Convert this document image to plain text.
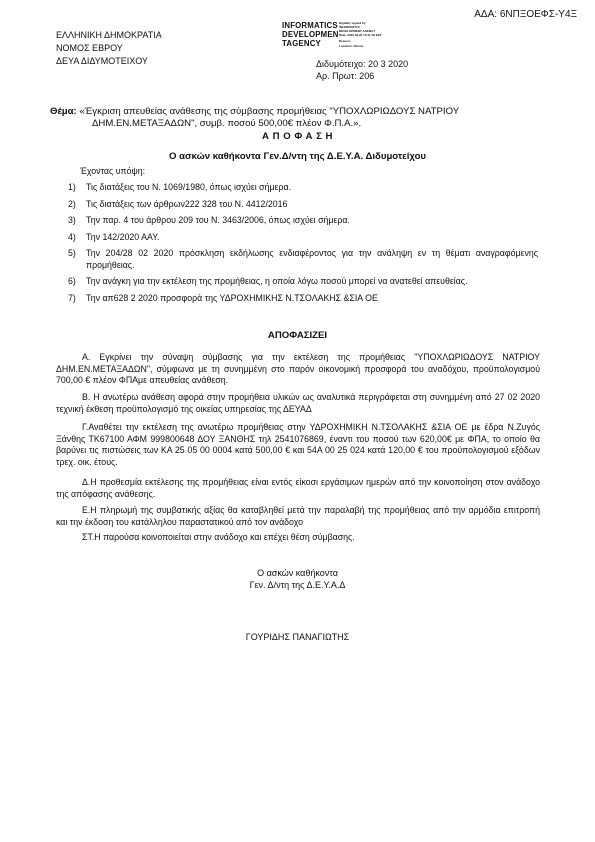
ΑΔΑ: 6ΝΠΞΟΕΦΣ-Υ4Ξ
ΕΛΛΗΝΙΚΗ ΔΗΜΟΚΡΑΤΙΑ
ΝΟΜΟΣ ΕΒΡΟΥ
ΔΕΥΑ ΔΙΔΥΜΟΤΕΙΧΟΥ
INFORMATICS
DEVELOPMEN
TAGENCY
Digitally signed by
INFORMATICS
DEVELOPMENT AGENCY
Date: 2020.03.20 13:11:46 EET
Reason:
Location: Athens
Διδυμότειχο: 20 3 2020
Αρ. Πρωτ: 206
Θέμα: «Έγκριση απευθείας ανάθεσης της σύμβασης προμήθειας "ΥΠΟΧΛΩΡΙΩΔΟΥΣ ΝΑΤΡΙΟΥ
ΔΗΜ.ΕΝ.ΜΕΤΑΞΑΔΩΝ", συμβ. ποσού 500,00€ πλέον Φ.Π.Α.».
Α Π Ο Φ Α Σ Η
Ο ασκών καθήκοντα Γεν.Δ/ντη της Δ.Ε.Υ.Α. Διδυμοτείχου
Έχοντας υπόψη:
1) Τις διατάξεις του Ν. 1069/1980, όπως ισχύει σήμερα.
2) Τις διατάξεις των άρθρων222 328 του Ν. 4412/2016
3) Την παρ. 4 του άρθρου 209 του Ν. 3463/2006, όπως ισχύει σήμερα.
4) Την 142/2020 ΑΑΥ.
5) Την 204/28 02 2020 πρόσκληση εκδήλωσης ενδιαφέροντος για την ανάληψη εν τη θέματι αναγραφόμενης προμήθειας.
6) Την ανάγκη για την εκτέλεση της προμήθειας, η οποία λόγω ποσού μπορεί να ανατεθεί απευθείας.
7) Την απ628 2 2020 προσφορά της ΥΔΡΟΧΗΜΙΚΗΣ Ν.ΤΣΟΛΑΚΗΣ &ΣΙΑ ΟΕ
ΑΠΟΦΑΣΙΖΕΙ
Α. Εγκρίνει την σύναψη σύμβασης για την εκτέλεση της προμήθειας "ΥΠΟΧΛΩΡΙΩΔΟΥΣ ΝΑΤΡΙΟΥ ΔΗΜ.ΕΝ.ΜΕΤΑΞΑΔΩΝ", σύμφωνα με τη συνημμένη στο παρόν οικονομική προσφορά του αναδόχου, προϋπολογισμού 700,00 € πλέον ΦΠΑμε απευθείας ανάθεση.
Β. Η ανωτέρω ανάθεση αφορά στην προμήθεια υλικών ως αναλυτικά περιγράφεται στη συνημμένη από 27 02 2020 τεχνική έκθεση προϋπολογισμό της οικείας υπηρεσίας της ΔΕΥΑΔ
Γ.Αναθέτει την εκτέλεση της ανωτέρω προμήθειας στην ΥΔΡΟΧΗΜΙΚΗ Ν.ΤΣΟΛΑΚΗΣ &ΣΙΑ ΟΕ με έδρα Ν.Ζυγός Ξάνθης ΤΚ67100 ΑΦΜ 999800648 ΔΟΥ ΞΑΝΘΗΣ τηλ 2541076869, έναντι του ποσού των 620,00€ με ΦΠΑ, το οποίο θα βαρύνει τις πιστώσεις των ΚΑ 25 05 00 0004 κατά 500,00 € και 54Α 00 25 024 κατά 120,00 € του προϋπολογισμού εξόδων τρεχ. οικ. έτους.
Δ.Η προθεσμία εκτέλεσης της προμήθειας είναι εντός είκοσι εργάσιμων ημερών από την κοινοποίηση στον ανάδοχο της απόφασης ανάθεσης.
Ε.Η πληρωμή της συμβατικής αξίας θα καταβληθεί μετά την παραλαβή της προμήθειας από την αρμόδια επιτροπή και την έκδοση του κατάλληλου παραστατικού από τον ανάδοχο
ΣΤ.Η παρούσα κοινοποιείται στην ανάδοχο και επέχει θέση σύμβασης.
Ο ασκών καθήκοντα
Γεν. Δ/ντη της Δ.Ε.Υ.Α.Δ
ΓΟΥΡΙΔΗΣ ΠΑΝΑΓΙΩΤΗΣ
